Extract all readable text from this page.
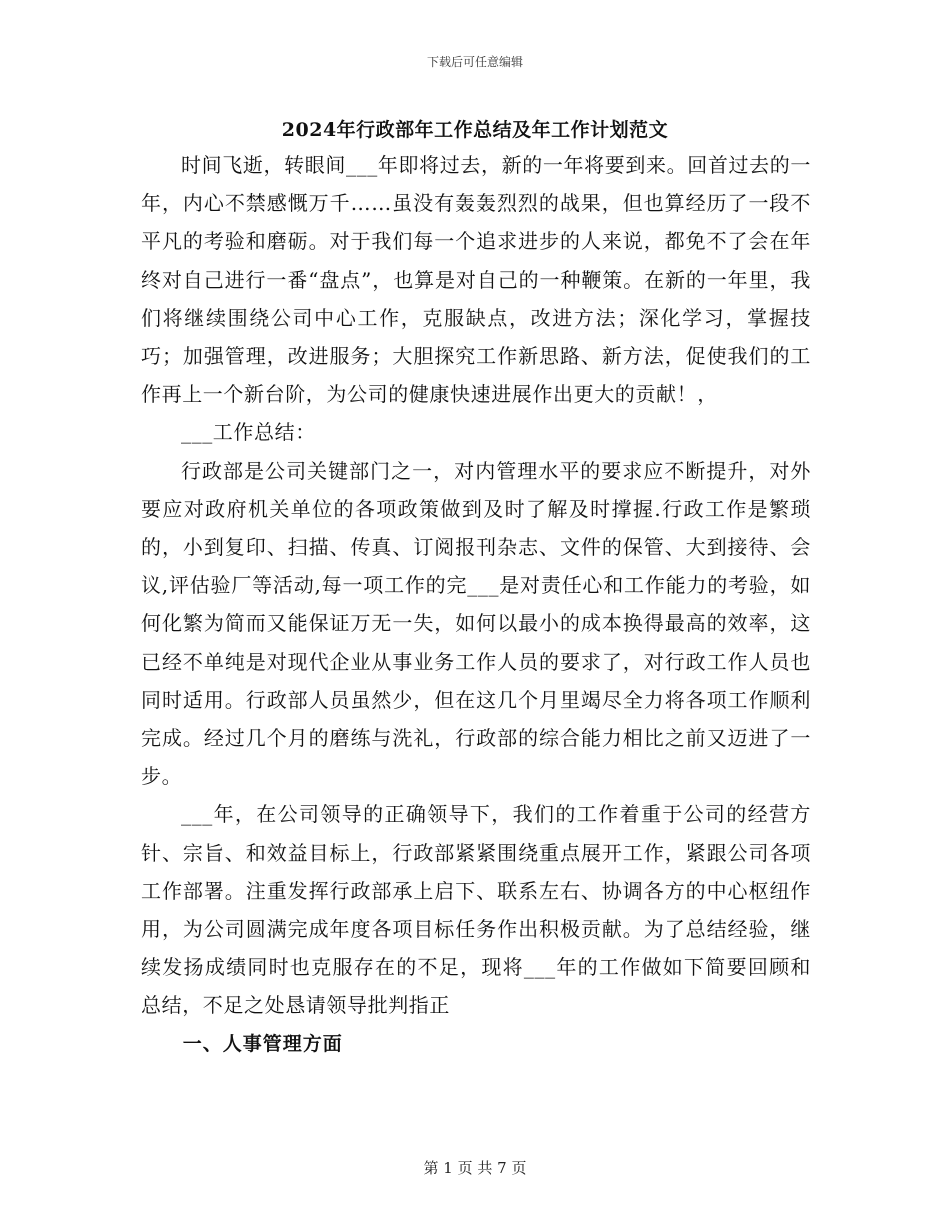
下载后可任意编辑
2024年行政部年工作总结及年工作计划范文

时间飞逝，转眼间___年即将过去，新的一年将要到来。回首过去的一年，内心不禁感慨万千……虽没有轰轰烈烈的战果，但也算经历了一段不平凡的考验和磨砺。对于我们每一个追求进步的人来说，都免不了会在年终对自己进行一番“盘点”，也算是对自己的一种鞭策。在新的一年里，我们将继续围绕公司中心工作，克服缺点，改进方法；深化学习，掌握技巧；加强管理，改进服务；大胆探究工作新思路、新方法，促使我们的工作再上一个新台阶，为公司的健康快速进展作出更大的贡献！，

___工作总结：

行政部是公司关键部门之一，对内管理水平的要求应不断提升，对外要应对政府机关单位的各项政策做到及时了解及时撑握.行政工作是繁琐的，小到复印、扫描、传真、订阅报刊杂志、文件的保管、大到接待、会议,评估验厂等活动,每一项工作的完___是对责任心和工作能力的考验，如何化繁为简而又能保证万无一失，如何以最小的成本换得最高的效率，这已经不单纯是对现代企业从事业务工作人员的要求了，对行政工作人员也同时适用。行政部人员虽然少，但在这几个月里竭尽全力将各项工作顺利完成。经过几个月的磨练与洗礼，行政部的综合能力相比之前又迈进了一步。

___年，在公司领导的正确领导下，我们的工作着重于公司的经营方针、宗旨、和效益目标上，行政部紧紧围绕重点展开工作，紧跟公司各项工作部署。注重发挥行政部承上启下、联系左右、协调各方的中心枢纽作用，为公司圆满完成年度各项目标任务作出积极贡献。为了总结经验，继续发扬成绩同时也克服存在的不足，现将___年的工作做如下简要回顾和总结，不足之处恳请领导批判指正

一、人事管理方面

第 1 页 共 7 页
